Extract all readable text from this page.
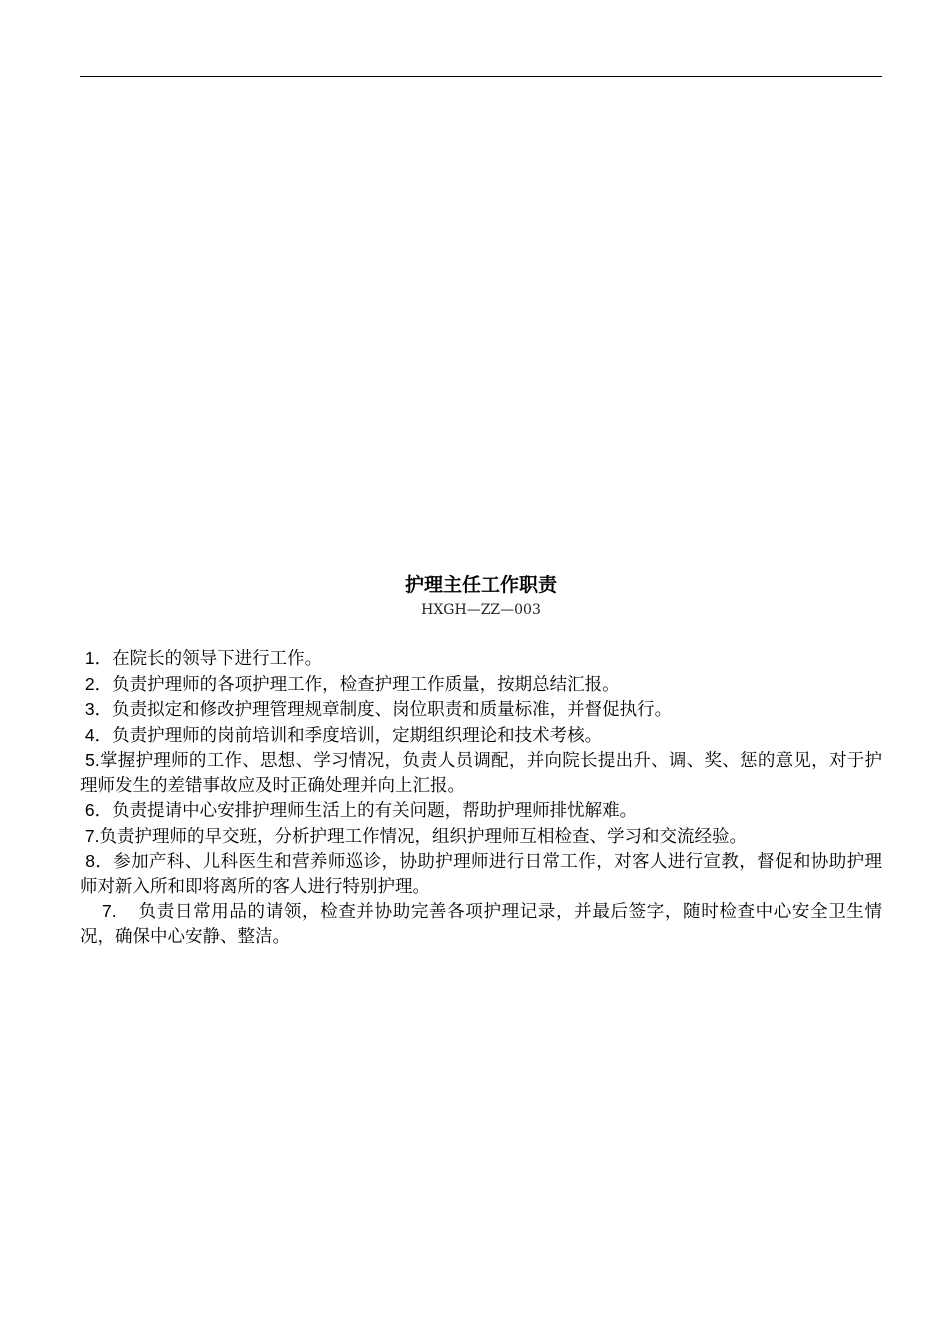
护理主任工作职责
HXGH—ZZ—003
1．在院长的领导下进行工作。
2．负责护理师的各项护理工作，检查护理工作质量，按期总结汇报。
3．负责拟定和修改护理管理规章制度、岗位职责和质量标准，并督促执行。
4．负责护理师的岗前培训和季度培训，定期组织理论和技术考核。
5.掌握护理师的工作、思想、学习情况，负责人员调配，并向院长提出升、调、奖、惩的意见，对于护理师发生的差错事故应及时正确处理并向上汇报。
6．负责提请中心安排护理师生活上的有关问题，帮助护理师排忧解难。
7.负责护理师的早交班，分析护理工作情况，组织护理师互相检查、学习和交流经验。
8．参加产科、儿科医生和营养师巡诊，协助护理师进行日常工作，对客人进行宣教，督促和协助护理师对新入所和即将离所的客人进行特别护理。
7.    负责日常用品的请领，检查并协助完善各项护理记录，并最后签字，随时检查中心安全卫生情况，确保中心安静、整洁。
